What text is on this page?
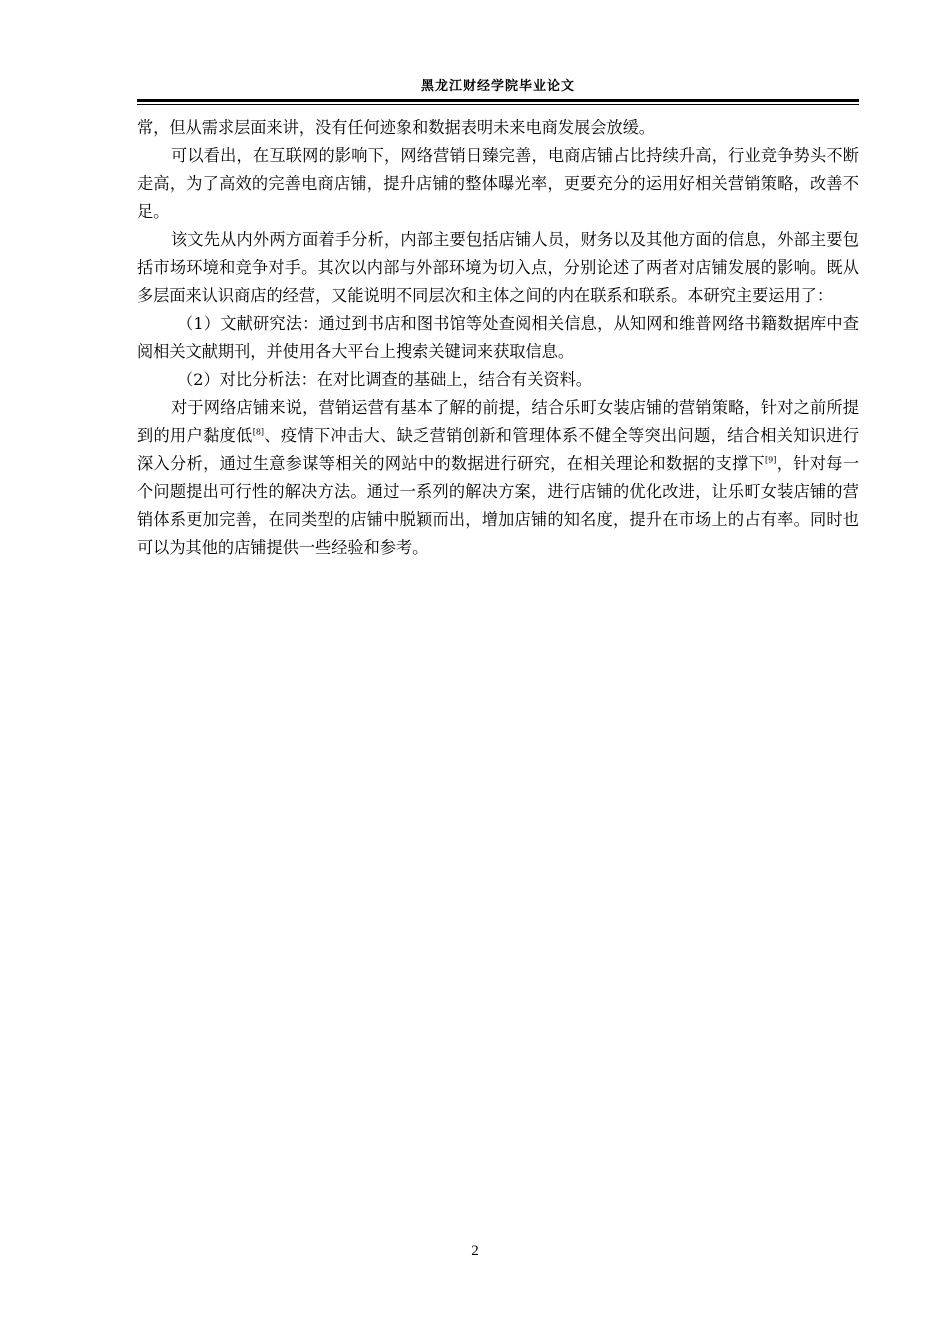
黑龙江财经学院毕业论文

常，但从需求层面来讲，没有任何迹象和数据表明未来电商发展会放缓。

可以看出，在互联网的影响下，网络营销日臻完善，电商店铺占比持续升高，行业竞争势头不断走高，为了高效的完善电商店铺，提升店铺的整体曝光率，更要充分的运用好相关营销策略，改善不足。

该文先从内外两方面着手分析，内部主要包括店铺人员，财务以及其他方面的信息，外部主要包括市场环境和竞争对手。其次以内部与外部环境为切入点，分别论述了两者对店铺发展的影响。既从多层面来认识商店的经营，又能说明不同层次和主体之间的内在联系和联系。本研究主要运用了：

（1）文献研究法：通过到书店和图书馆等处查阅相关信息，从知网和维普网络书籍数据库中查阅相关文献期刊，并使用各大平台上搜索关键词来获取信息。

（2）对比分析法：在对比调查的基础上，结合有关资料。

对于网络店铺来说，营销运营有基本了解的前提，结合乐町女装店铺的营销策略，针对之前所提到的用户黏度低[8]、疫情下冲击大、缺乏营销创新和管理体系不健全等突出问题，结合相关知识进行深入分析，通过生意参谋等相关的网站中的数据进行研究，在相关理论和数据的支撑下[9]，针对每一个问题提出可行性的解决方法。通过一系列的解决方案，进行店铺的优化改进，让乐町女装店铺的营销体系更加完善，在同类型的店铺中脱颖而出，增加店铺的知名度，提升在市场上的占有率。同时也可以为其他的店铺提供一些经验和参考。

2
